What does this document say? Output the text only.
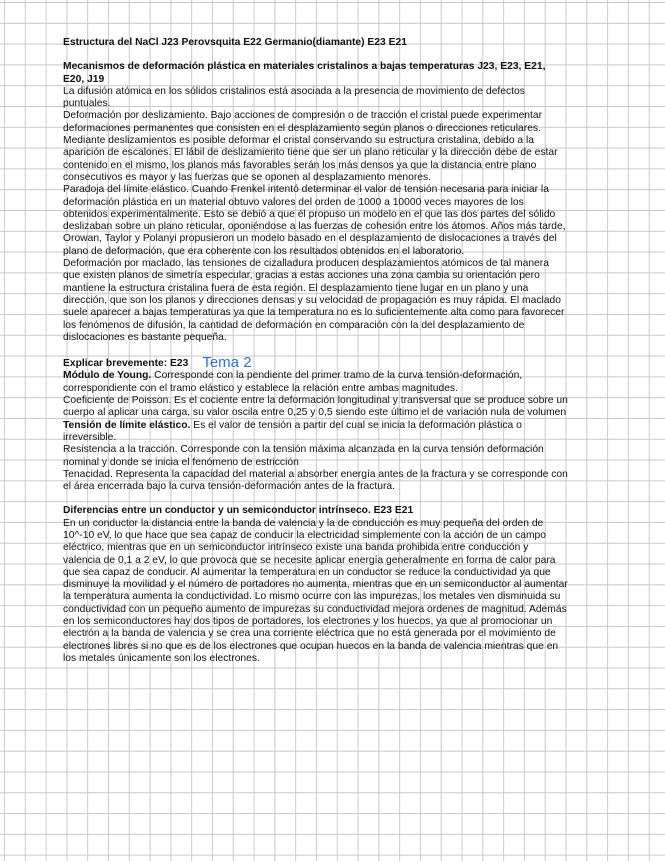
Estructura del NaCl J23 Perovsquita E22 Germanio(diamante) E23 E21

Mecanismos de deformación plástica en materiales cristalinos a bajas temperaturas J23, E23, E21, E20, J19

La difusión atómica en los sólidos cristalinos está asociada a la presencia de movimiento de defectos puntuales.

Deformación por deslizamiento. Bajo acciones de compresión o de tracción el cristal puede experimentar deformaciones permanentes que consisten en el desplazamiento según planos o direcciones reticulares. Mediante deslizamientos es posible deformar el cristal conservando su estructura cristalina, debido a la aparición de escalones. El lábil de deslizamiento tiene que ser un plano reticular y la dirección debe de estar contenido en el mismo, los planos más favorables serán los más densos ya que la distancia entre plano consecutivos es mayor y las fuerzas que se oponen al desplazamiento menores.

Paradoja del límite elástico. Cuando Frenkel intentó determinar el valor de tensión necesaria para iniciar la deformación plástica en un material obtuvo valores del orden de 1000 a 10000 veces mayores de los obtenidos experimentalmente. Esto se debió a que él propuso un modelo en el que las dos partes del sólido deslizaban sobre un plano reticular, oponiéndose a las fuerzas de cohesión entre los átomos. Años más tarde, Orowan, Taylor y Polanyi propusieron un modelo basado en el desplazamiento de dislocaciones a través del plano de deformación, que era coherente con los resultados obtenidos en el laboratorio.

Deformación por maclado, las tensiones de cizalladura producen desplazamientos atómicos de tal manera que existen planos de simetría especular, gracias a estas acciones una zona cambia su orientación pero mantiene la estructura cristalina fuera de esta región. El desplazamiento tiene lugar en un plano y una dirección, que son los planos y direcciones densas y su velocidad de propagación es muy rápida. El maclado suele aparecer a bajas temperaturas ya que la temperatura no es lo suficientemente alta como para favorecer los fenómenos de difusión, la cantidad de deformación en comparación con la del desplazamiento de dislocaciones es bastante pequeña.

Explicar brevemente: E23 Tema 2

Módulo de Young. Corresponde con la pendiente del primer tramo de la curva tensión-deformación, correspondiente con el tramo elástico y establece la relación entre ambas magnitudes.

Coeficiente de Poisson. Es el cociente entre la deformación longitudinal y transversal que se produce sobre un cuerpo al aplicar una carga, su valor oscila entre 0,25 y 0,5 siendo este último el de variación nula de volumen

Tensión de límite elástico. Es el valor de tensión a partir del cual se inicia la deformación plástica o irreversible.

Resistencia a la tracción. Corresponde con la tensión máxima alcanzada en la curva tensión deformación nominal y donde se inicia el fenómeno de estricción

Tenacidad. Representa la capacidad del material a absorber energía antes de la fractura y se corresponde con el área encerrada bajo la curva tensión-deformación antes de la fractura.

Diferencias entre un conductor y un semiconductor intrínseco. E23 E21

En un conductor la distancia entre la banda de valencia y la de conducción es muy pequeña del orden de 10^-10 eV, lo que hace que sea capaz de conducir la electricidad simplemente con la acción de un campo eléctrico, mientras que en un semiconductor intrínseco existe una banda prohibida entre conducción y valencia de 0,1 a 2 eV, lo que provoca que se necesite aplicar energía generalmente en forma de calor para que sea capaz de conducir. Al aumentar la temperatura en un conductor se reduce la conductividad ya que disminuye la movilidad y el número de portadores no aumenta, mientras que en un semiconductor al aumentar la temperatura aumenta la conductividad. Lo mismo ocurre con las impurezas, los metales ven disminuida su conductividad con un pequeño aumento de impurezas su conductividad mejora ordenes de magnitud. Además en los semiconductores hay dos tipos de portadores, los electrones y los huecos, ya que al promocionar un electrón a la banda de valencia y se crea una corriente eléctrica que no está generada por el movimiento de electrones libres si no que es de los electrones que ocupan huecos en la banda de valencia mientras que en los metales únicamente son los electrones.
